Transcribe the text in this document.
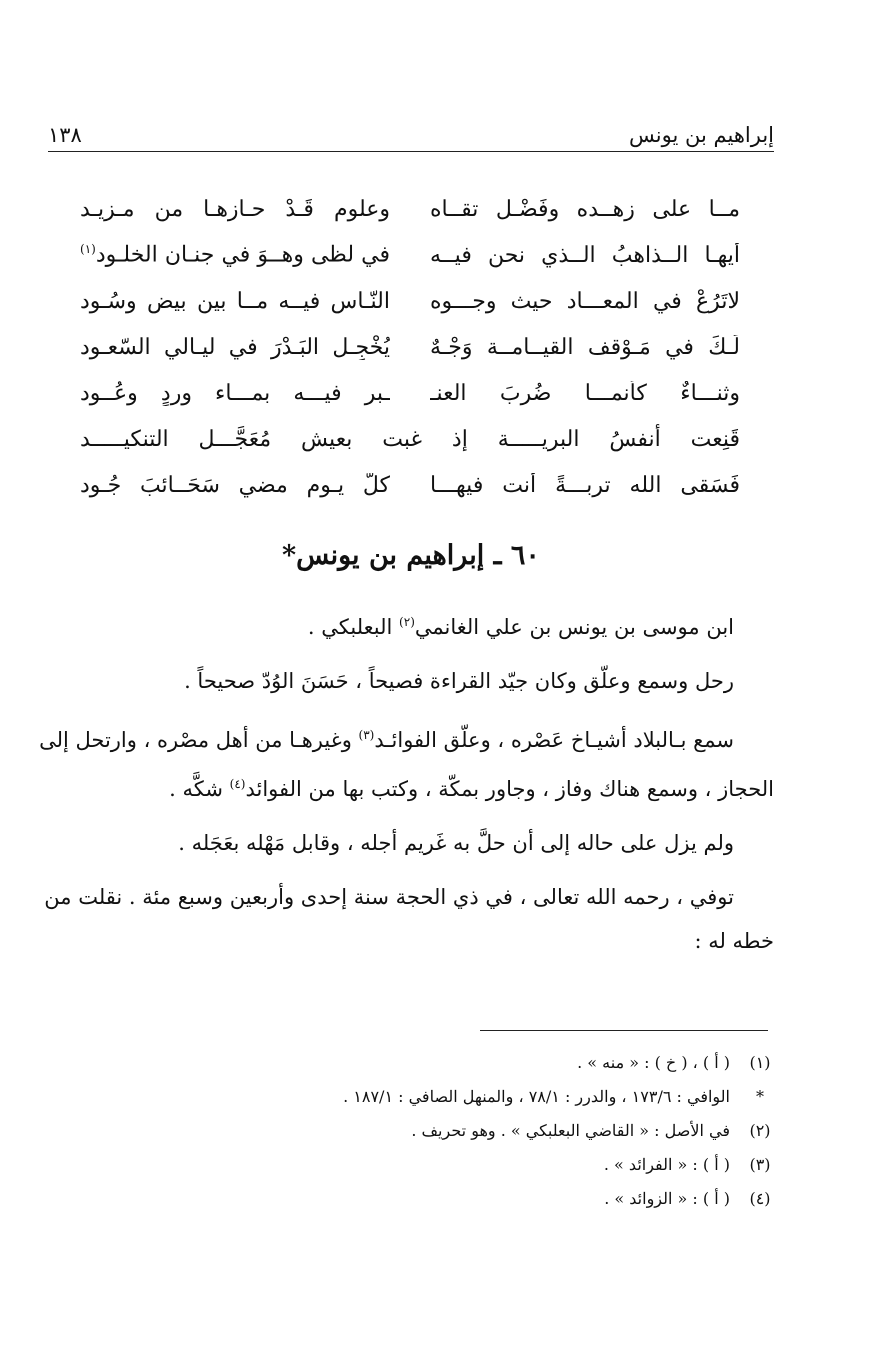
إبراهيم بن يونس
١٣٨
مــا على زهــده وفَضْـل تقــاه
وعلومٍ قَـدْ حـازهـا من مـزيـد
أيهـا الــذاهبُ الــذي نحن فيــه
في لظى وهــوَ في جنـان الخلـود$^{(١)}$
لاتَرُعْ في المعـــاد حيث وجـــوه
النّـاس فيــه مــا بين بيض وسُـود
لَـكَ في مَـوْقف القيــامــة وَجْـهٌ
يُخْجِـل البَـدْرَ في ليـالي السّعـود
وثنـــاءٌ كأنمـــا ضُربَ العنـ
ـبر فيـــه بمـــاء وردٍ وعُــود
قَنِعت أنفسُ البريـــــة إذ غبت بعيش مُعَجَّـــل التنكيـــــد
فَسَقى الله تربـــةً أنت فيهـــا
كلَّ يـوم مضي سَحَــائبَ جُـود
٦٠ ـ إبراهيم بن يونس*

ابن موسى بن يونس بن علي الغانمي$^{(٢)}$ البعلبكي .

رحل وسمع وعلّق وكان جيّد القراءة فصيحاً ، حَسَنَ الوُدّ صحيحاً .

سمع بـالبلاد أشيـاخ عَصْره ، وعلّق الفوائـد$^{(٣)}$ وغيرهـا من أهل مصْره ، وارتحل إلى
الحجاز ، وسمع هناك وفاز ، وجاور بمكّة ، وكتب بها من الفوائد$^{(٤)}$ شكَّه .

ولم يزل على حاله إلى أن حلَّ به غَريم أجله ، وقابل مَهْله بعَجَله .

توفي ، رحمه الله تعالى ، في ذي الحجة سنة إحدى وأربعين وسبع مئة . نقلت من
خطه له :

(١)
( أ ) ، ( خ ) : « منه » .
*
الوافي : ١٧٣/٦ ، والدرر : ٧٨/١ ، والمنهل الصافي : ١٨٧/١ .
(٢)
في الأصل : « القاضي البعلبكي » . وهو تحريف .
(٣)
( أ ) : « الفرائد » .
(٤)
( أ ) : « الزوائد » .
